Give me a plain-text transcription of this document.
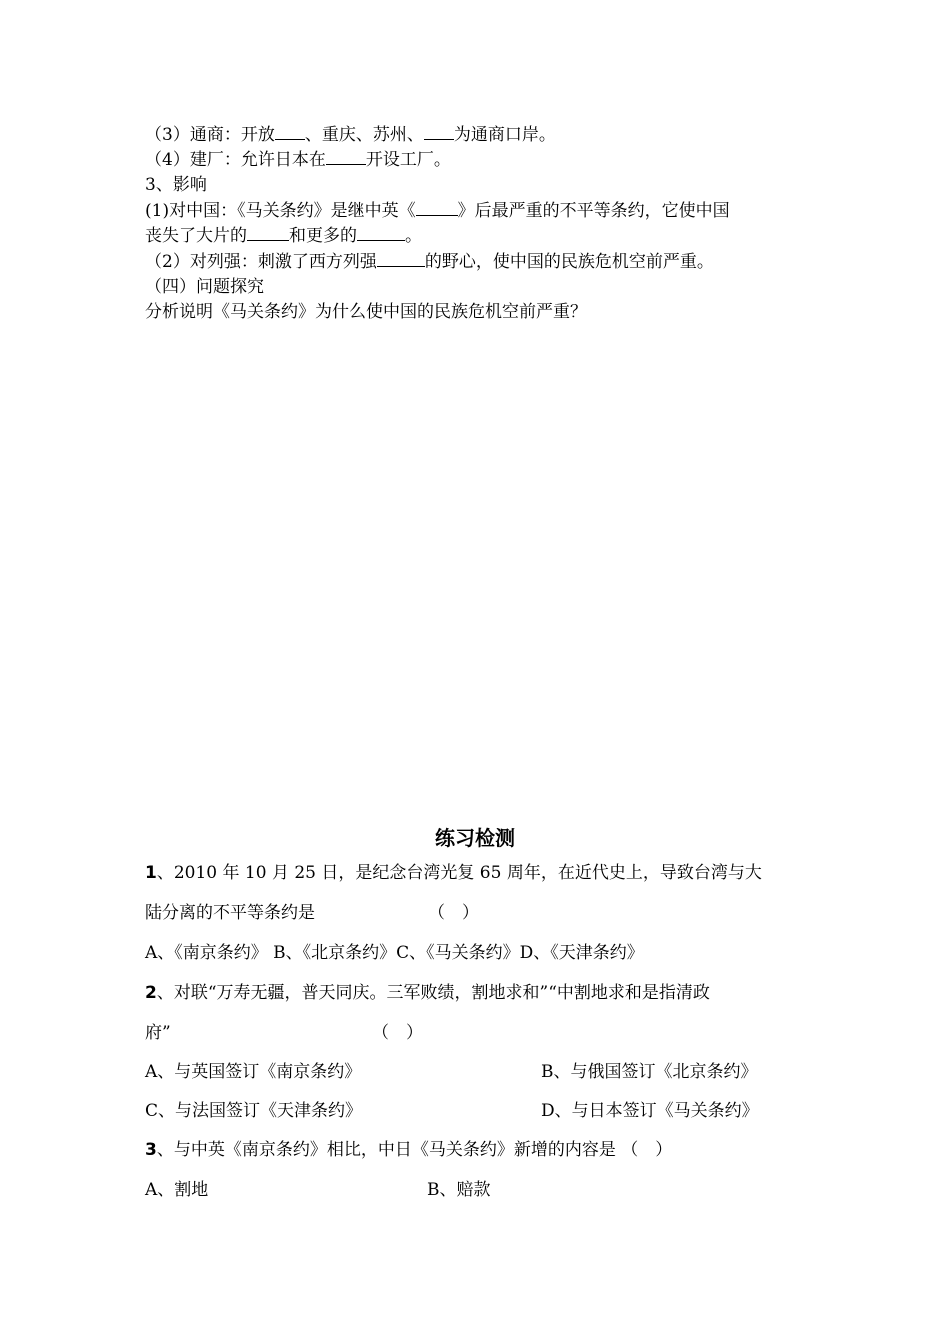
（3）通商：开放 、重庆、苏州、 为通商口岸。
（4）建厂：允许日本在 开设工厂。
3、影响
(1)对中国：《马关条约》是继中英《 》后最严重的不平等条约，它使中国
丧失了大片的 和更多的	。
（2）对列强：刺激了西方列强	的野心，使中国的民族危机空前严重。
（四）问题探究
分析说明《马关条约》为什么使中国的民族危机空前严重？
练习检测
1、2010 年 10 月 25 日，是纪念台湾光复 65 周年，在近代史上，导致台湾与大
陆分离的不平等条约是	（　）
A、《南京条约》 B、《北京条约》C、《马关条约》D、《天津条约》
2、对联“万寿无疆，普天同庆。三军败绩，割地求和”“中割地求和是指清政
府”	（　）
A、与英国签订《南京条约》	B、与俄国签订《北京条约》
C、与法国签订《天津条约》	D、与日本签订《马关条约》
3、与中英《南京条约》相比，中日《马关条约》新增的内容是 （　）
A、割地	B、赔款
